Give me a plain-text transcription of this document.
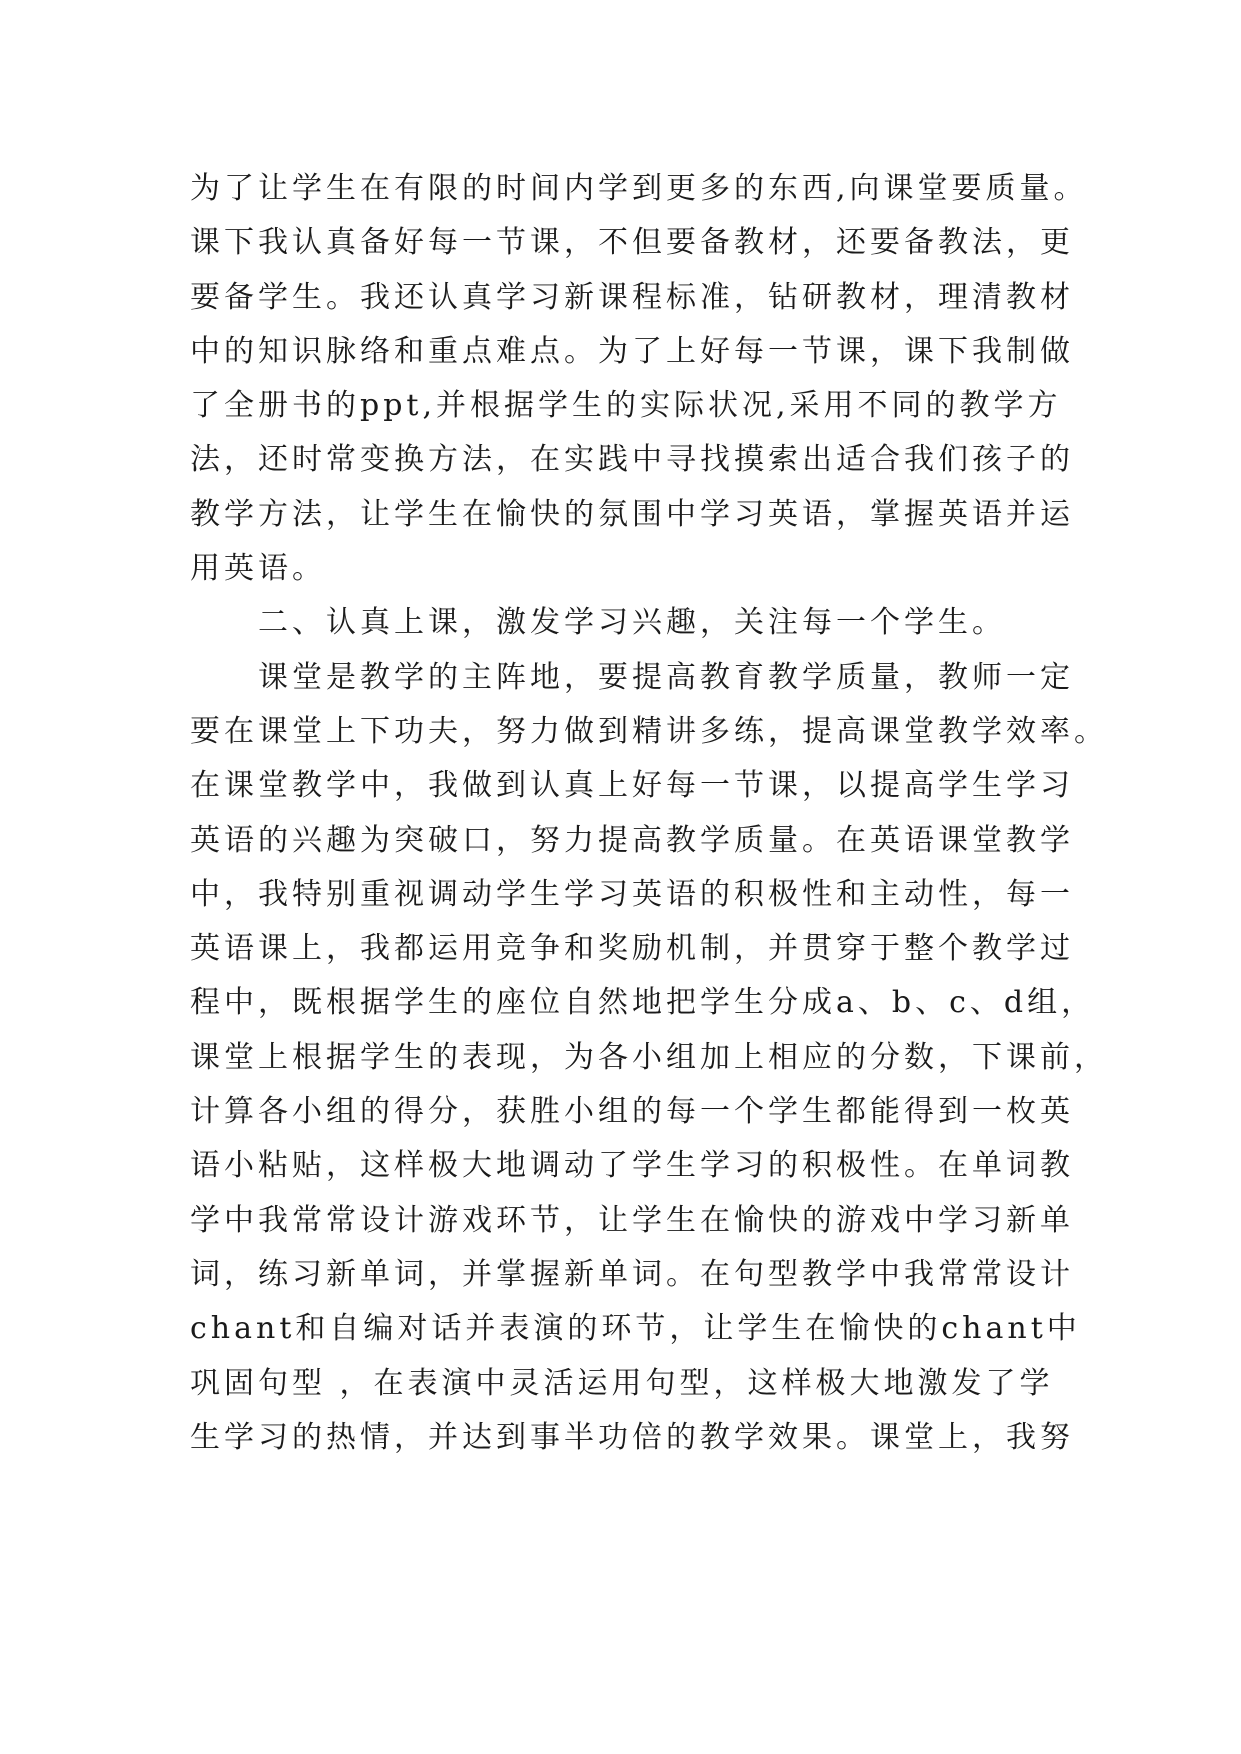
为了让学生在有限的时间内学到更多的东西,向课堂要质量。
课下我认真备好每一节课，不但要备教材，还要备教法，更
要备学生。我还认真学习新课程标准，钻研教材，理清教材
中的知识脉络和重点难点。为了上好每一节课，课下我制做
了全册书的ppt,并根据学生的实际状况,采用不同的教学方
法，还时常变换方法，在实践中寻找摸索出适合我们孩子的
教学方法，让学生在愉快的氛围中学习英语，掌握英语并运
用英语。
二、认真上课，激发学习兴趣，关注每一个学生。
课堂是教学的主阵地，要提高教育教学质量，教师一定
要在课堂上下功夫，努力做到精讲多练，提高课堂教学效率。
在课堂教学中，我做到认真上好每一节课，以提高学生学习
英语的兴趣为突破口，努力提高教学质量。在英语课堂教学
中，我特别重视调动学生学习英语的积极性和主动性，每一
英语课上，我都运用竞争和奖励机制，并贯穿于整个教学过
程中，既根据学生的座位自然地把学生分成a、b、c、d组，
课堂上根据学生的表现，为各小组加上相应的分数，下课前，
计算各小组的得分，获胜小组的每一个学生都能得到一枚英
语小粘贴，这样极大地调动了学生学习的积极性。在单词教
学中我常常设计游戏环节，让学生在愉快的游戏中学习新单
词，练习新单词，并掌握新单词。在句型教学中我常常设计
chant和自编对话并表演的环节，让学生在愉快的chant中
巩固句型 ，在表演中灵活运用句型，这样极大地激发了学
生学习的热情，并达到事半功倍的教学效果。课堂上，我努
